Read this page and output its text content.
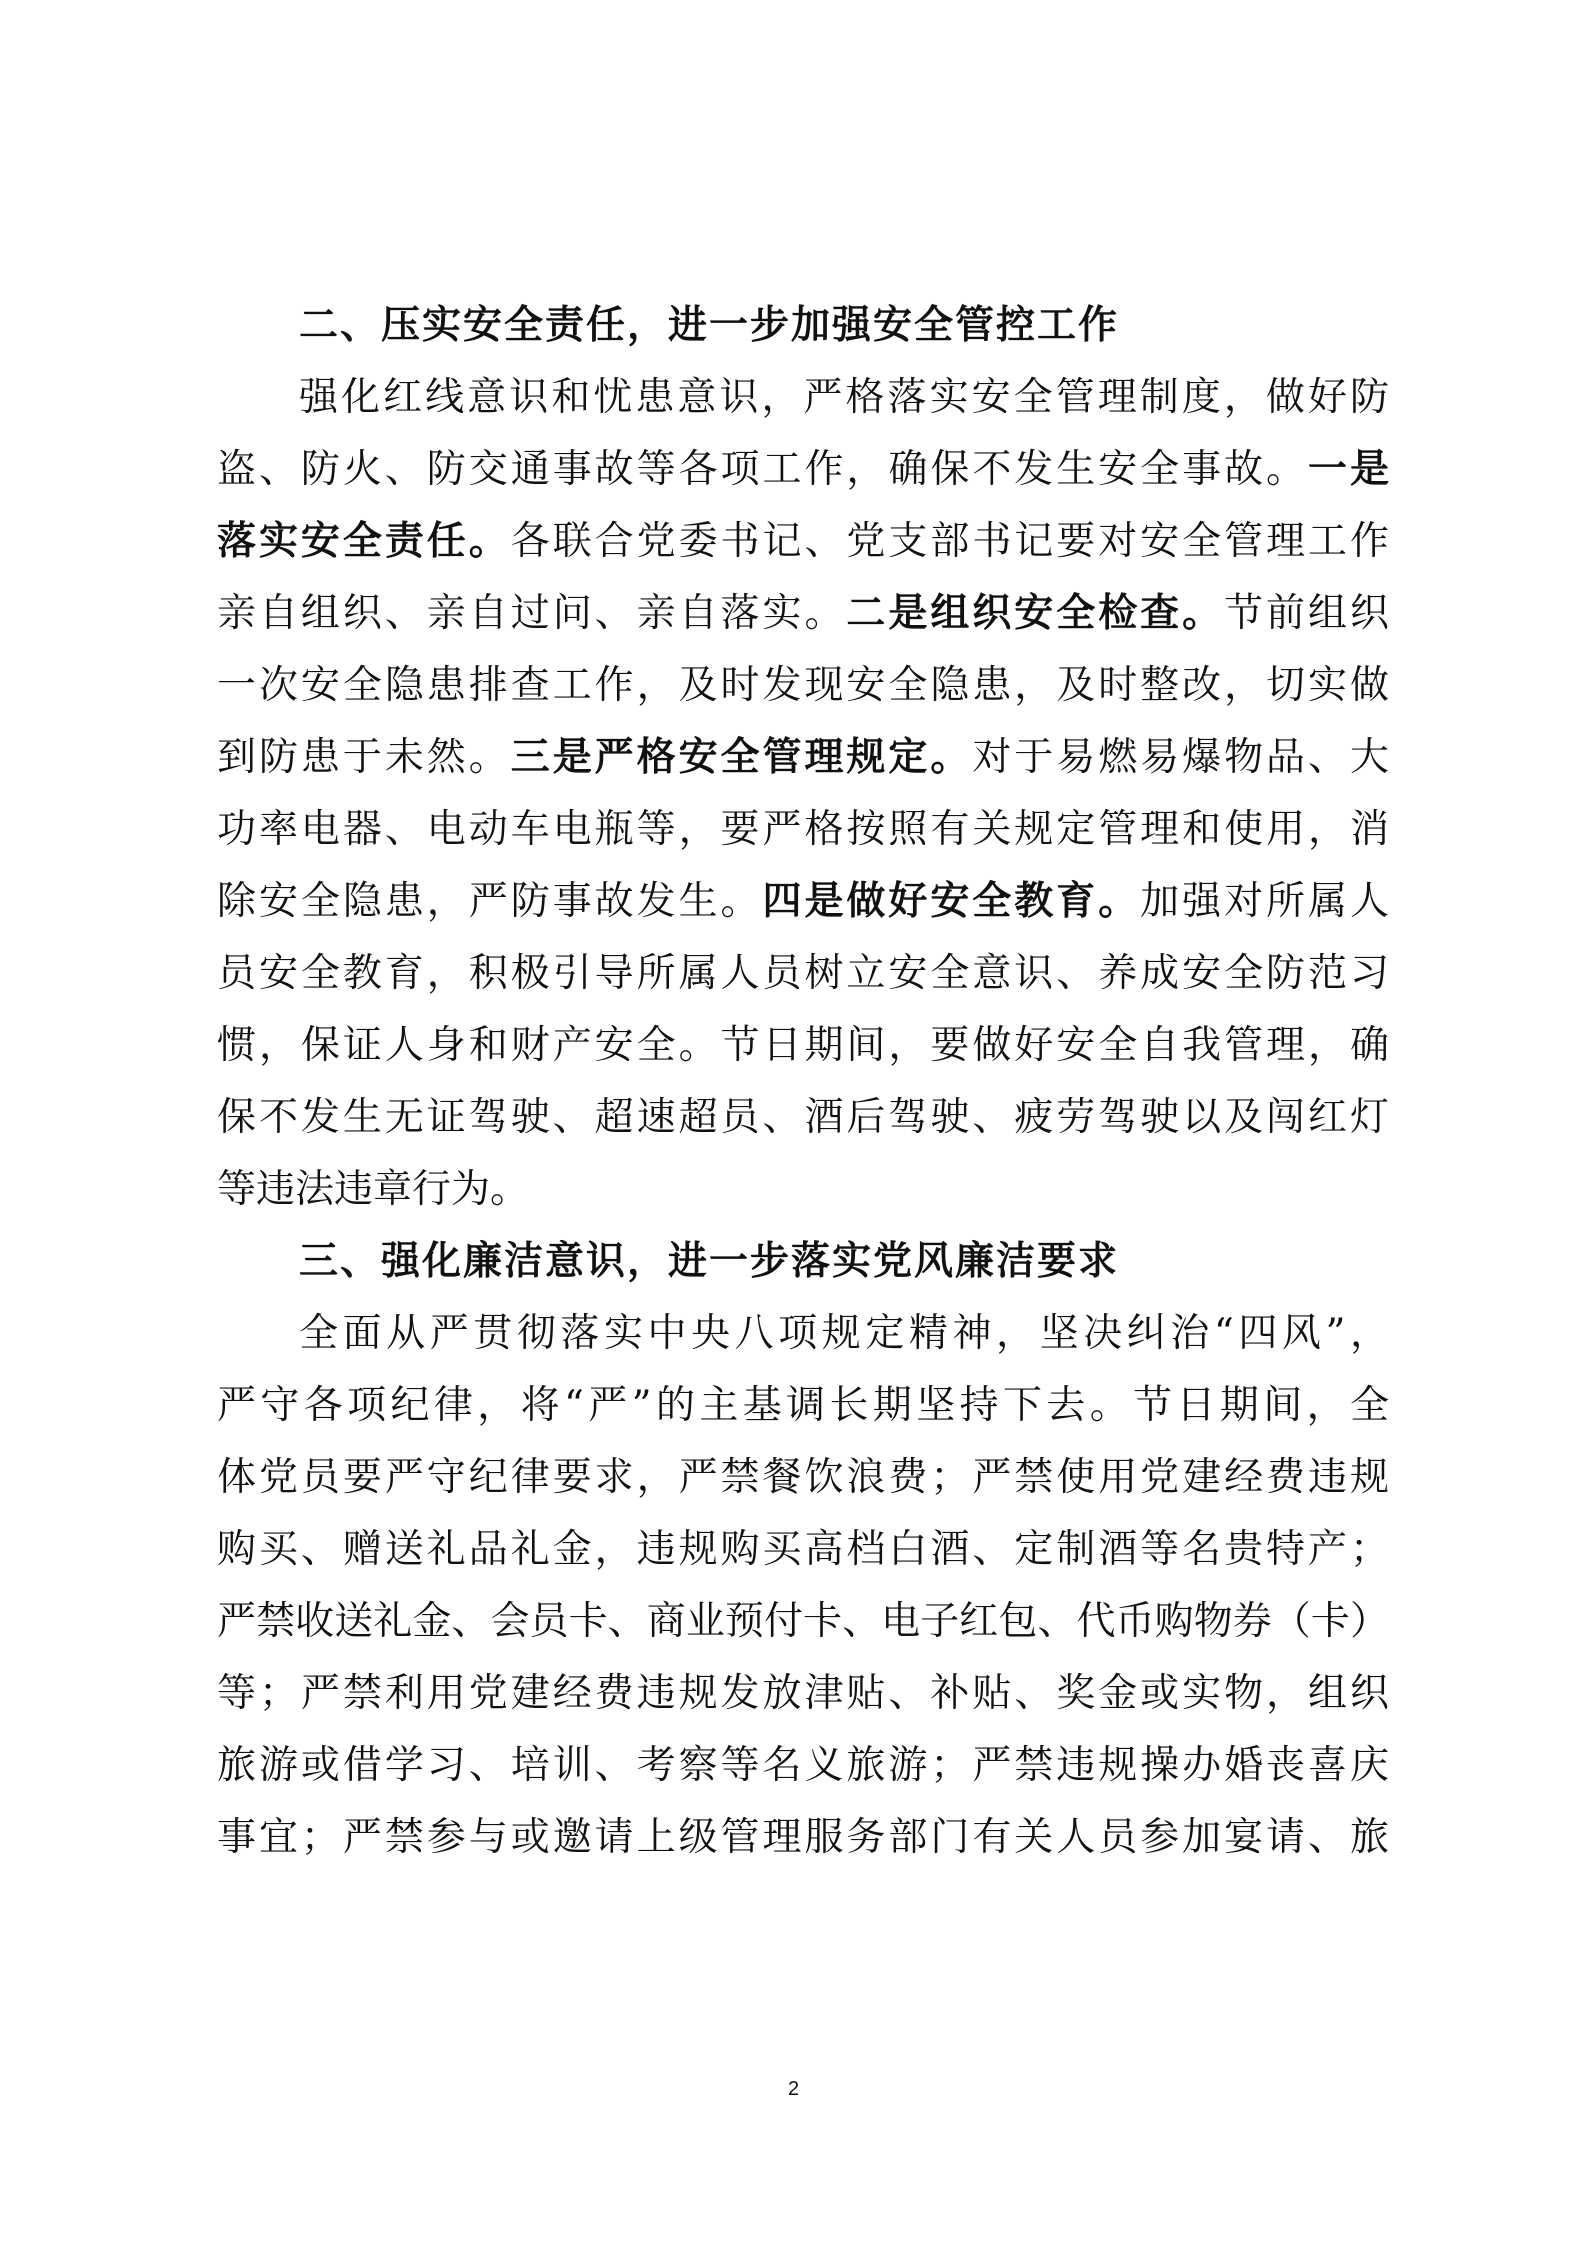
二、压实安全责任，进一步加强安全管控工作
强化红线意识和忧患意识，严格落实安全管理制度，做好防
盗、防火、防交通事故等各项工作，确保不发生安全事故。一是
落实安全责任。各联合党委书记、党支部书记要对安全管理工作
亲自组织、亲自过问、亲自落实。二是组织安全检查。节前组织
一次安全隐患排查工作，及时发现安全隐患，及时整改，切实做
到防患于未然。三是严格安全管理规定。对于易燃易爆物品、大
功率电器、电动车电瓶等，要严格按照有关规定管理和使用，消
除安全隐患，严防事故发生。四是做好安全教育。加强对所属人
员安全教育，积极引导所属人员树立安全意识、养成安全防范习
惯，保证人身和财产安全。节日期间，要做好安全自我管理，确
保不发生无证驾驶、超速超员、酒后驾驶、疲劳驾驶以及闯红灯
等违法违章行为。
三、强化廉洁意识，进一步落实党风廉洁要求
全面从严贯彻落实中央八项规定精神，坚决纠治“四风”，
严守各项纪律，将“严”的主基调长期坚持下去。节日期间，全
体党员要严守纪律要求，严禁餐饮浪费；严禁使用党建经费违规
购买、赠送礼品礼金，违规购买高档白酒、定制酒等名贵特产；
严禁收送礼金、会员卡、商业预付卡、电子红包、代币购物券（卡）
等；严禁利用党建经费违规发放津贴、补贴、奖金或实物，组织
旅游或借学习、培训、考察等名义旅游；严禁违规操办婚丧喜庆
事宜；严禁参与或邀请上级管理服务部门有关人员参加宴请、旅
2
